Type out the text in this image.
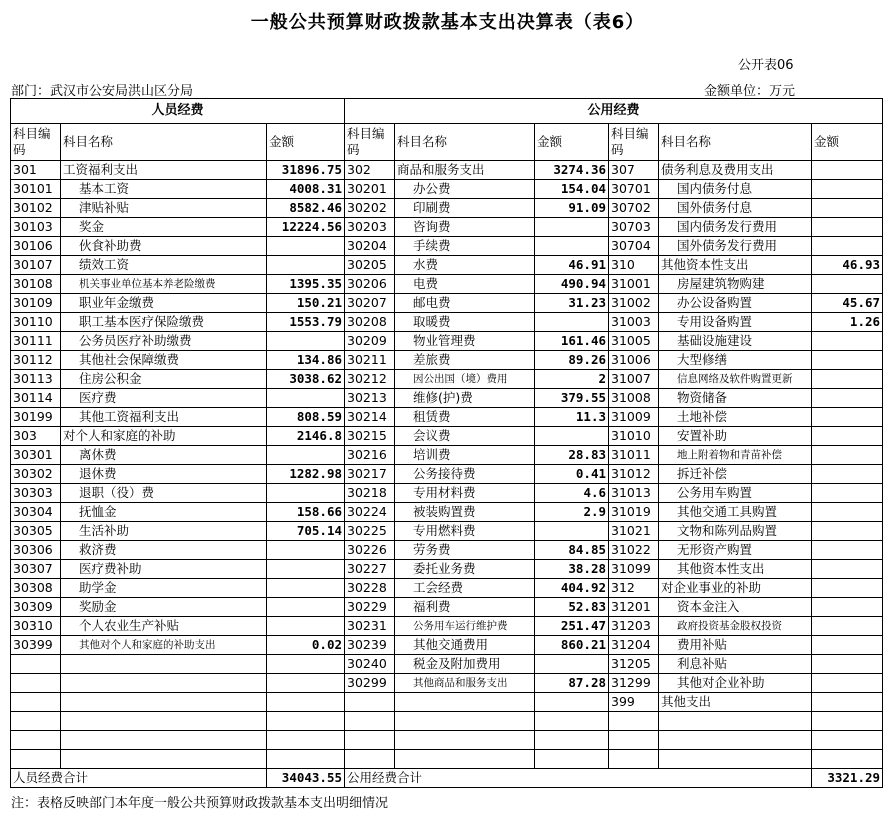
一般公共预算财政拨款基本支出决算表（表6）
公开表06
部门：武汉市公安局洪山区分局	金额单位：万元
人员经费			公用经费					
科目编码	科目名称	金额	科目编码	科目名称	金额	科目编码	科目名称	金额
301	工资福利支出	31896.75	302	商品和服务支出	3274.36	307	债务利息及费用支出	
30101	基本工资	4008.31	30201	办公费	154.04	30701	国内债务付息	
30102	津贴补贴	8582.46	30202	印刷费	91.09	30702	国外债务付息	
30103	奖金	12224.56	30203	咨询费		30703	国内债务发行费用	
30106	伙食补助费		30204	手续费		30704	国外债务发行费用	
30107	绩效工资		30205	水费	46.91	310	其他资本性支出	46.93
30108	机关事业单位基本养老险缴费	1395.35	30206	电费	490.94	31001	房屋建筑物购建	
30109	职业年金缴费	150.21	30207	邮电费	31.23	31002	办公设备购置	45.67
30110	职工基本医疗保险缴费	1553.79	30208	取暖费		31003	专用设备购置	1.26
30111	公务员医疗补助缴费		30209	物业管理费	161.46	31005	基础设施建设	
30112	其他社会保障缴费	134.86	30211	差旅费	89.26	31006	大型修缮	
30113	住房公积金	3038.62	30212	因公出国（境）费用	2	31007	信息网络及软件购置更新	
30114	医疗费		30213	维修(护)费	379.55	31008	物资储备	
30199	其他工资福利支出	808.59	30214	租赁费	11.3	31009	土地补偿	
303	对个人和家庭的补助	2146.8	30215	会议费		31010	安置补助	
30301	离休费		30216	培训费	28.83	31011	地上附着物和青苗补偿	
30302	退休费	1282.98	30217	公务接待费	0.41	31012	拆迁补偿	
30303	退职（役）费		30218	专用材料费	4.6	31013	公务用车购置	
30304	抚恤金	158.66	30224	被装购置费	2.9	31019	其他交通工具购置	
30305	生活补助	705.14	30225	专用燃料费		31021	文物和陈列品购置	
30306	救济费		30226	劳务费	84.85	31022	无形资产购置	
30307	医疗费补助		30227	委托业务费	38.28	31099	其他资本性支出	
30308	助学金		30228	工会经费	404.92	312	对企业事业的补助	
30309	奖励金		30229	福利费	52.83	31201	资本金注入	
30310	个人农业生产补贴		30231	公务用车运行维护费	251.47	31203	政府投资基金股权投资	
30399	其他对个人和家庭的补助支出	0.02	30239	其他交通费用	860.21	31204	费用补贴	
			30240	税金及附加费用		31205	利息补贴	
			30299	其他商品和服务支出	87.28	31299	其他对企业补助	
						399	其他支出	

人员经费合计		34043.55	公用经费合计					3321.29
注：表格反映部门本年度一般公共预算财政拨款基本支出明细情况
